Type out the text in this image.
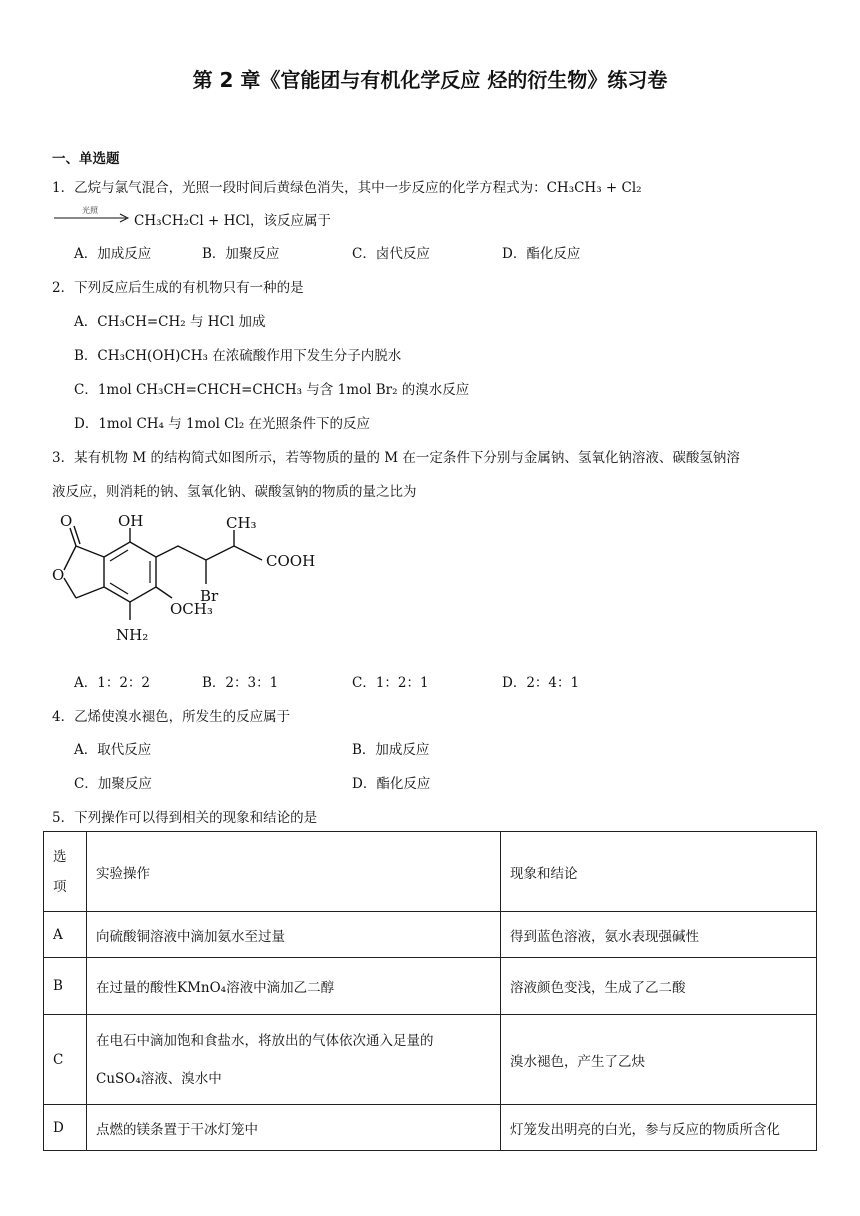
第 2 章《官能团与有机化学反应 烃的衍生物》练习卷
一、单选题
1．乙烷与氯气混合，光照一段时间后黄绿色消失，其中一步反应的化学方程式为：CH₃CH₃ + Cl₂
光照
CH₃CH₂Cl + HCl，该反应属于
A．加成反应	B．加聚反应	C．卤代反应	D．酯化反应
2．下列反应后生成的有机物只有一种的是
A．CH₃CH=CH₂ 与 HCl 加成
B．CH₃CH(OH)CH₃ 在浓硫酸作用下发生分子内脱水
C．1mol CH₃CH=CHCH=CHCH₃ 与含 1mol Br₂ 的溴水反应
D．1mol CH₄ 与 1mol Cl₂ 在光照条件下的反应
3．某有机物 M 的结构简式如图所示，若等物质的量的 M 在一定条件下分别与金属钠、氢氧化钠溶液、碳酸氢钠溶
液反应，则消耗的钠、氢氧化钠、碳酸氢钠的物质的量之比为
O
O
OH
NH₂
OCH₃
Br
CH₃
COOH
A．1：2：2	B．2：3：1	C．1：2：1	D．2：4：1
4．乙烯使溴水褪色，所发生的反应属于
A．取代反应	B．加成反应
C．加聚反应	D．酯化反应
5．下列操作可以得到相关的现象和结论的是
选项	实验操作	现象和结论
A	向硫酸铜溶液中滴加氨水至过量	得到蓝色溶液，氨水表现强碱性
B	在过量的酸性KMnO₄溶液中滴加乙二醇	溶液颜色变浅，生成了乙二酸
C	在电石中滴加饱和食盐水，将放出的气体依次通入足量的
CuSO₄溶液、溴水中	溴水褪色，产生了乙炔
D	点燃的镁条置于干冰灯笼中	灯笼发出明亮的白光，参与反应的物质所含化
